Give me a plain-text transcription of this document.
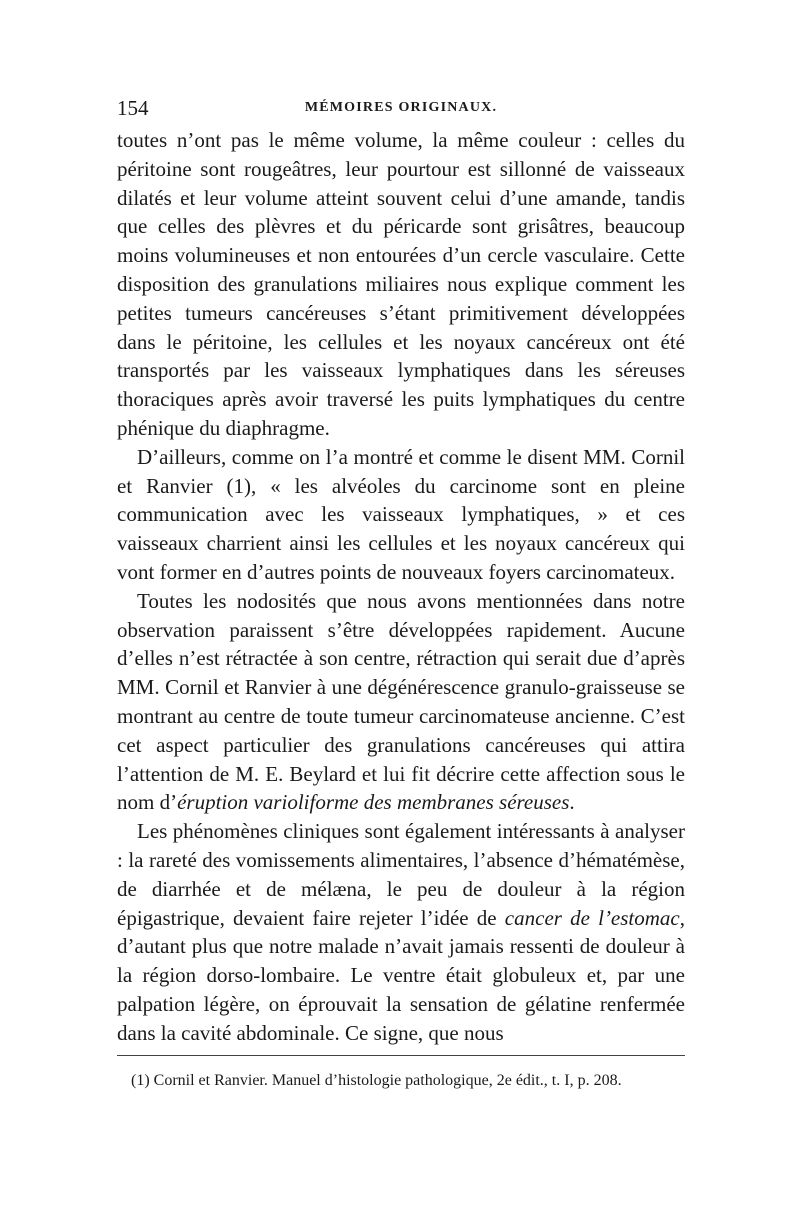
154	MÉMOIRES ORIGINAUX.

toutes n’ont pas le même volume, la même couleur : celles du péritoine sont rougeâtres, leur pourtour est sillonné de vaisseaux dilatés et leur volume atteint souvent celui d’une amande, tandis que celles des plèvres et du péricarde sont grisâtres, beaucoup moins volumineuses et non entourées d’un cercle vasculaire. Cette disposition des granulations miliaires nous explique comment les petites tumeurs cancéreuses s’étant primitivement développées dans le péritoine, les cellules et les noyaux cancéreux ont été transportés par les vaisseaux lymphatiques dans les séreuses thoraciques après avoir traversé les puits lymphatiques du centre phénique du diaphragme.

D’ailleurs, comme on l’a montré et comme le disent MM. Cornil et Ranvier (1), « les alvéoles du carcinome sont en pleine communication avec les vaisseaux lymphatiques, » et ces vaisseaux charrient ainsi les cellules et les noyaux cancéreux qui vont former en d’autres points de nouveaux foyers carcinomateux.

Toutes les nodosités que nous avons mentionnées dans notre observation paraissent s’être développées rapidement. Aucune d’elles n’est rétractée à son centre, rétraction qui serait due d’après MM. Cornil et Ranvier à une dégénérescence granulo-graisseuse se montrant au centre de toute tumeur carcinomateuse ancienne. C’est cet aspect particulier des granulations cancéreuses qui attira l’attention de M. E. Beylard et lui fit décrire cette affection sous le nom d’éruption varioliforme des membranes séreuses.

Les phénomènes cliniques sont également intéressants à analyser : la rareté des vomissements alimentaires, l’absence d’hématémèse, de diarrhée et de mélæna, le peu de douleur à la région épigastrique, devaient faire rejeter l’idée de cancer de l’estomac, d’autant plus que notre malade n’avait jamais ressenti de douleur à la région dorso-lombaire. Le ventre était globuleux et, par une palpation légère, on éprouvait la sensation de gélatine renfermée dans la cavité abdominale. Ce signe, que nous

(1) Cornil et Ranvier. Manuel d’histologie pathologique, 2e édit., t. I, p. 208.
